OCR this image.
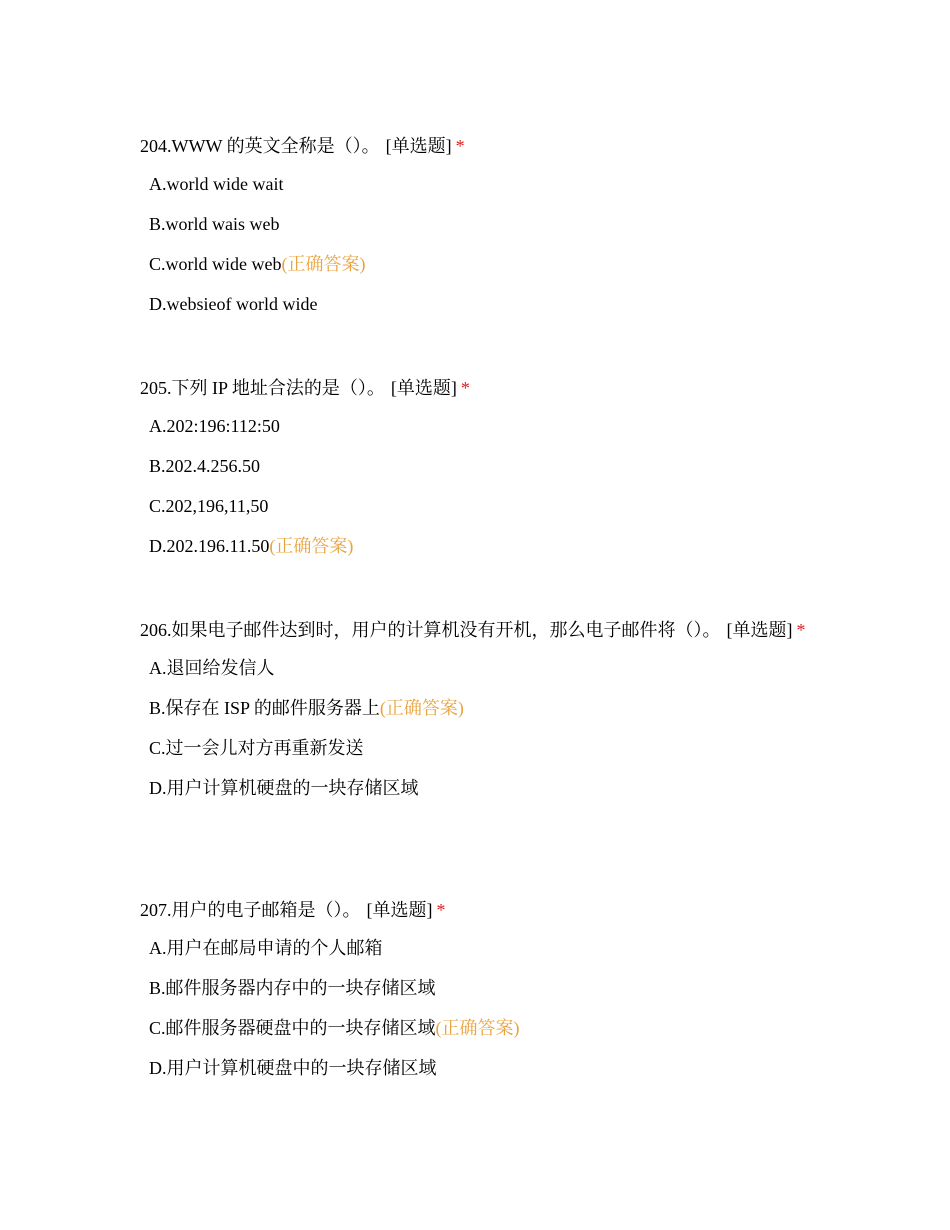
204.WWW 的英文全称是（）。 [单选题] *

A.world wide wait
B.world wais web
C.world wide web(正确答案)
D.websieof world wide

205.下列 IP 地址合法的是（）。 [单选题] *

A.202:196:112:50
B.202.4.256.50
C.202,196,11,50
D.202.196.11.50(正确答案)

206.如果电子邮件达到时，用户的计算机没有开机，那么电子邮件将（）。 [单选题] *

A.退回给发信人
B.保存在 ISP 的邮件服务器上(正确答案)
C.过一会儿对方再重新发送
D.用户计算机硬盘的一块存储区域

207.用户的电子邮箱是（）。 [单选题] *

A.用户在邮局申请的个人邮箱
B.邮件服务器内存中的一块存储区域
C.邮件服务器硬盘中的一块存储区域(正确答案)
D.用户计算机硬盘中的一块存储区域
